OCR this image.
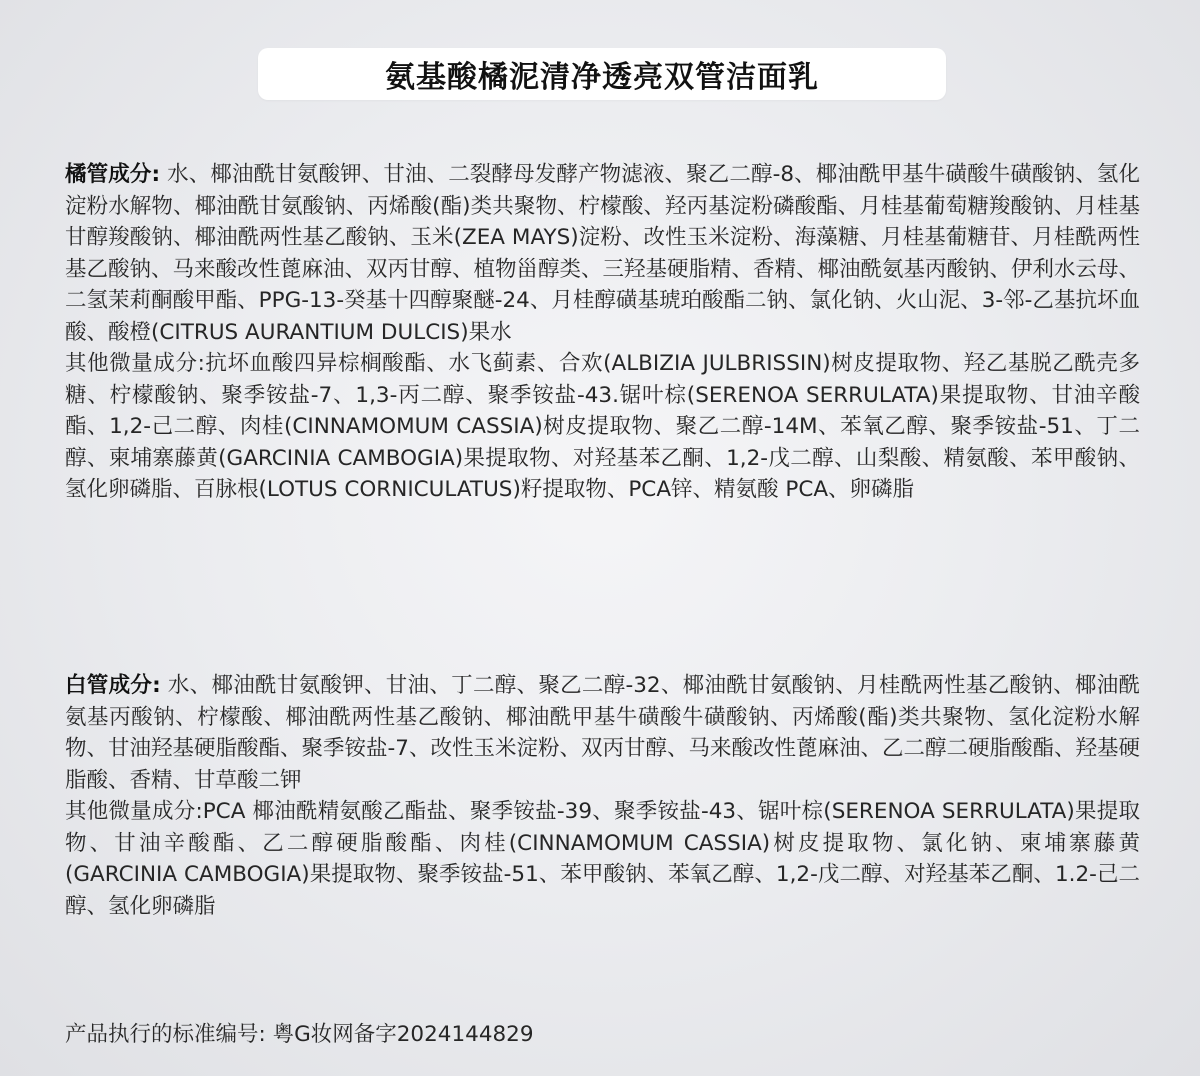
氨基酸橘泥清净透亮双管洁面乳

橘管成分: 水、椰油酰甘氨酸钾、甘油、二裂酵母发酵产物滤液、聚乙二醇-8、椰油酰甲基牛磺酸牛磺酸钠、氢化淀粉水解物、椰油酰甘氨酸钠、丙烯酸(酯)类共聚物、柠檬酸、羟丙基淀粉磷酸酯、月桂基葡萄糖羧酸钠、月桂基甘醇羧酸钠、椰油酰两性基乙酸钠、玉米(ZEA MAYS)淀粉、改性玉米淀粉、海藻糖、月桂基葡糖苷、月桂酰两性基乙酸钠、马来酸改性蓖麻油、双丙甘醇、植物甾醇类、三羟基硬脂精、香精、椰油酰氨基丙酸钠、伊利水云母、二氢茉莉酮酸甲酯、PPG-13-癸基十四醇聚醚-24、月桂醇磺基琥珀酸酯二钠、氯化钠、火山泥、3-邻-乙基抗坏血酸、酸橙(CITRUS AURANTIUM DULCIS)果水

其他微量成分:抗坏血酸四异棕榈酸酯、水飞蓟素、合欢(ALBIZIA JULBRISSIN)树皮提取物、羟乙基脱乙酰壳多糖、柠檬酸钠、聚季铵盐-7、1,3-丙二醇、聚季铵盐-43.锯叶棕(SERENOA SERRULATA)果提取物、甘油辛酸酯、1,2-己二醇、肉桂(CINNAMOMUM CASSIA)树皮提取物、聚乙二醇-14M、苯氧乙醇、聚季铵盐-51、丁二醇、柬埔寨藤黄(GARCINIA CAMBOGIA)果提取物、对羟基苯乙酮、1,2-戊二醇、山梨酸、精氨酸、苯甲酸钠、氢化卵磷脂、百脉根(LOTUS CORNICULATUS)籽提取物、PCA锌、精氨酸 PCA、卵磷脂

白管成分: 水、椰油酰甘氨酸钾、甘油、丁二醇、聚乙二醇-32、椰油酰甘氨酸钠、月桂酰两性基乙酸钠、椰油酰氨基丙酸钠、柠檬酸、椰油酰两性基乙酸钠、椰油酰甲基牛磺酸牛磺酸钠、丙烯酸(酯)类共聚物、氢化淀粉水解物、甘油羟基硬脂酸酯、聚季铵盐-7、改性玉米淀粉、双丙甘醇、马来酸改性蓖麻油、乙二醇二硬脂酸酯、羟基硬脂酸、香精、甘草酸二钾

其他微量成分:PCA 椰油酰精氨酸乙酯盐、聚季铵盐-39、聚季铵盐-43、锯叶棕(SERENOA SERRULATA)果提取物、甘油辛酸酯、乙二醇硬脂酸酯、肉桂(CINNAMOMUM CASSIA)树皮提取物、氯化钠、柬埔寨藤黄(GARCINIA CAMBOGIA)果提取物、聚季铵盐-51、苯甲酸钠、苯氧乙醇、1,2-戊二醇、对羟基苯乙酮、1.2-己二醇、氢化卵磷脂

产品执行的标准编号: 粤G妆网备字2024144829
